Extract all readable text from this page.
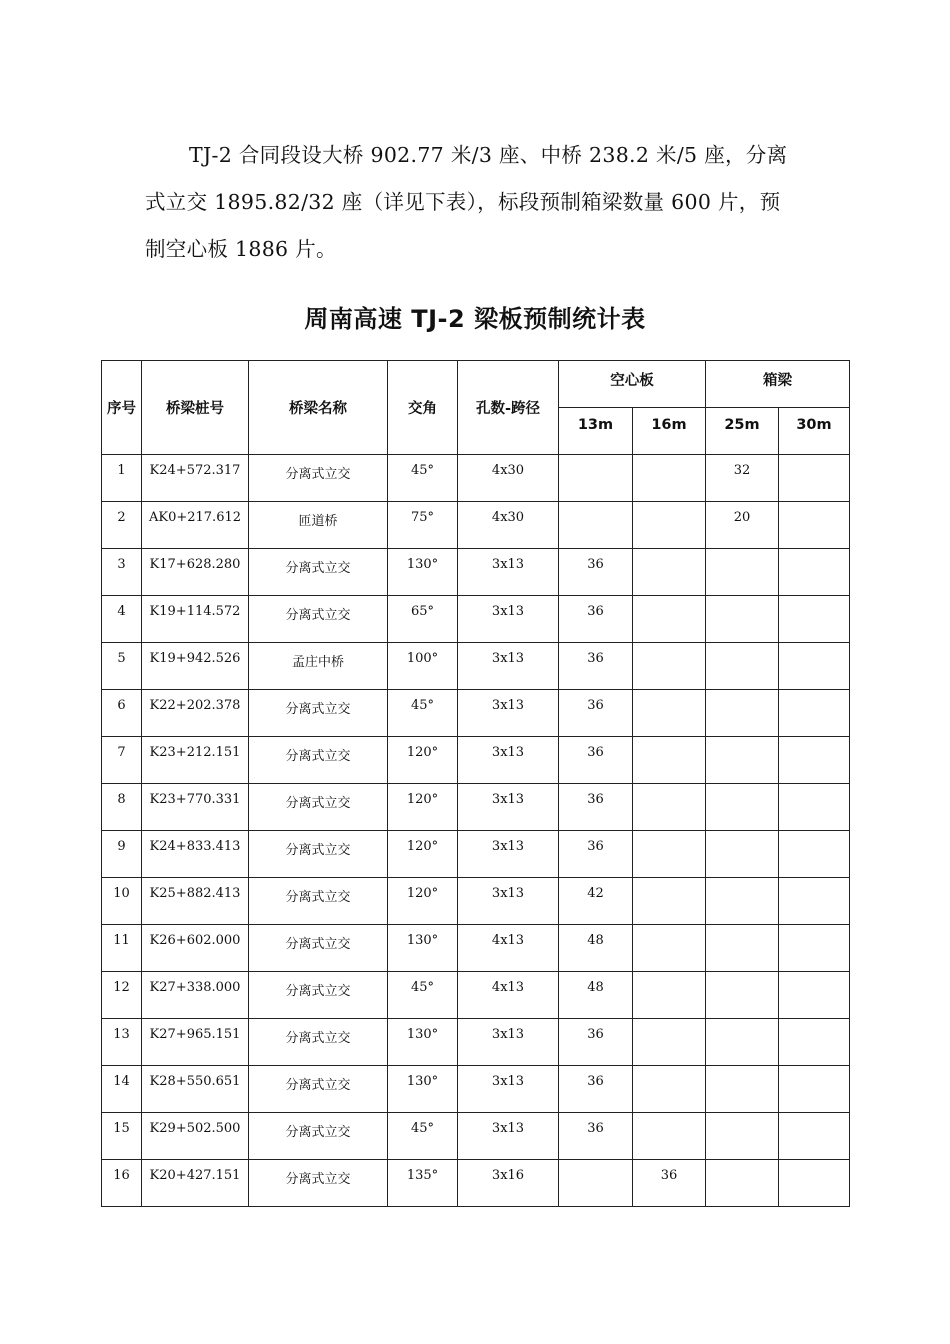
TJ-2 合同段设大桥 902.77 米/3 座、中桥 238.2 米/5 座，分离
式立交 1895.82/32 座（详见下表），标段预制箱梁数量 600 片，预
制空心板 1886 片。
周南高速 TJ-2 梁板预制统计表
序号	桥梁桩号	桥梁名称	交角	孔数-跨径	空心板		箱梁	
					13m	16m	25m	30m
1	K24+572.317	分离式立交	45°	4x30			32	
2	AK0+217.612	匝道桥	75°	4x30			20	
3	K17+628.280	分离式立交	130°	3x13	36			
4	K19+114.572	分离式立交	65°	3x13	36			
5	K19+942.526	孟庄中桥	100°	3x13	36			
6	K22+202.378	分离式立交	45°	3x13	36			
7	K23+212.151	分离式立交	120°	3x13	36			
8	K23+770.331	分离式立交	120°	3x13	36			
9	K24+833.413	分离式立交	120°	3x13	36			
10	K25+882.413	分离式立交	120°	3x13	42			
11	K26+602.000	分离式立交	130°	4x13	48			
12	K27+338.000	分离式立交	45°	4x13	48			
13	K27+965.151	分离式立交	130°	3x13	36			
14	K28+550.651	分离式立交	130°	3x13	36			
15	K29+502.500	分离式立交	45°	3x13	36			
16	K20+427.151	分离式立交	135°	3x16		36		
